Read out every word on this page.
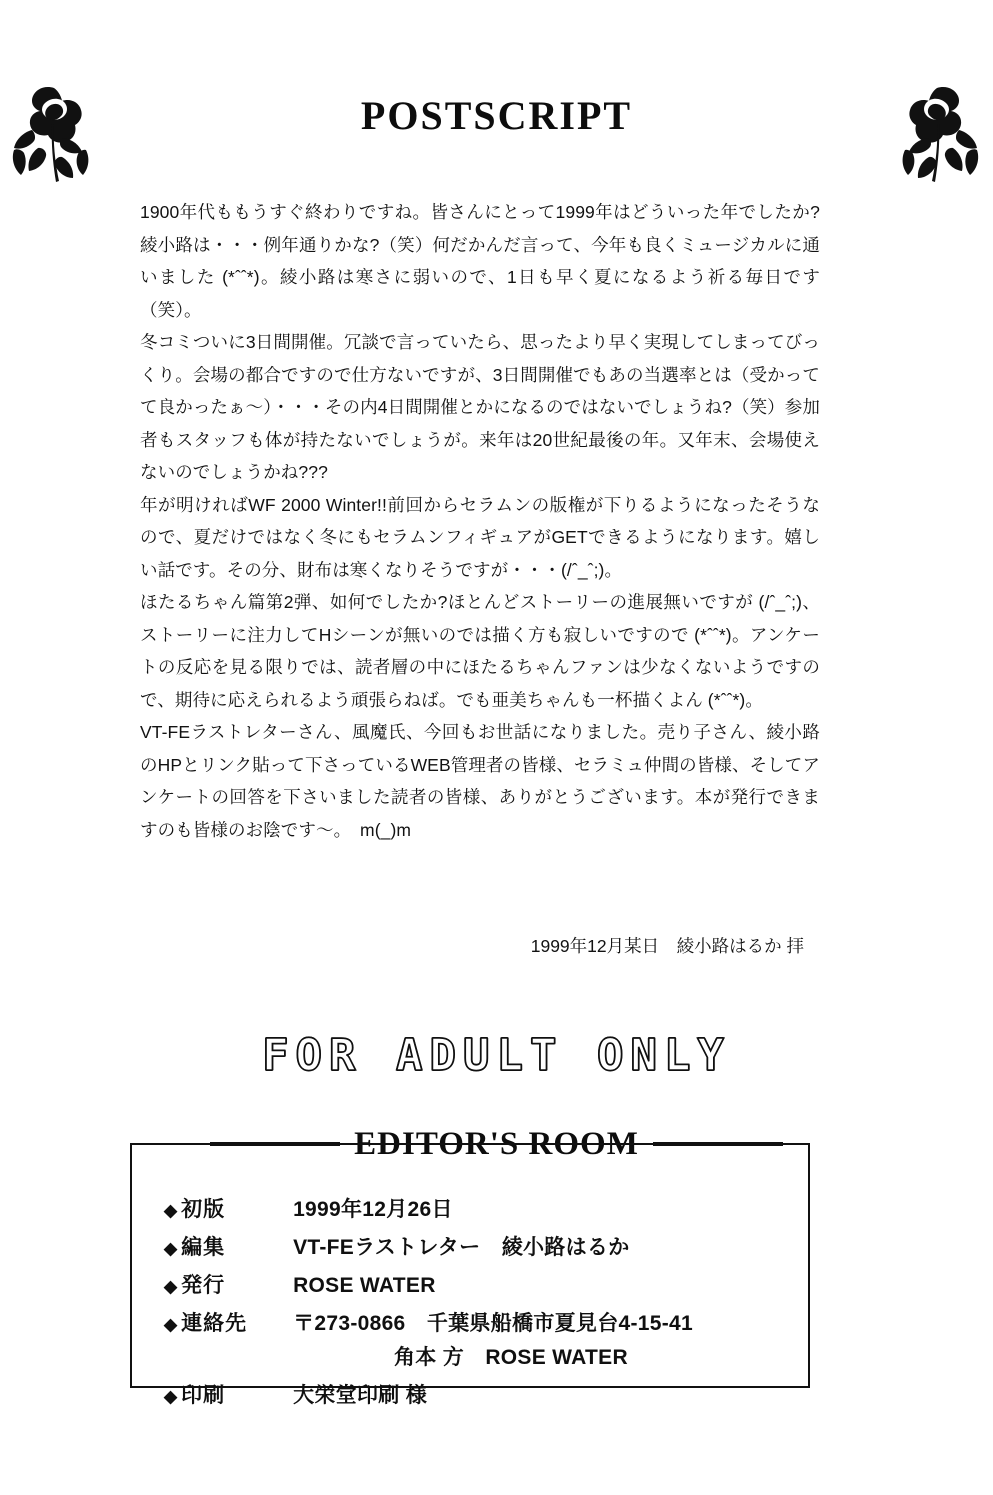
POSTSCRIPT

1900年代ももうすぐ終わりですね。皆さんにとって1999年はどういった年でしたか?綾小路は・・・例年通りかな?（笑）何だかんだ言って、今年も良くミュージカルに通いました (*ˆˆ*)。綾小路は寒さに弱いので、1日も早く夏になるよう祈る毎日です（笑）。

冬コミついに3日間開催。冗談で言っていたら、思ったより早く実現してしまってびっくり。会場の都合ですので仕方ないですが、3日間開催でもあの当選率とは（受かってて良かったぁ〜）・・・その内4日間開催とかになるのではないでしょうね?（笑）参加者もスタッフも体が持たないでしょうが。来年は20世紀最後の年。又年末、会場使えないのでしょうかね???

年が明ければWF 2000 Winter!!前回からセラムンの版権が下りるようになったそうなので、夏だけではなく冬にもセラムンフィギュアがGETできるようになります。嬉しい話です。その分、財布は寒くなりそうですが・・・(/ˆ_ˆ;)。

ほたるちゃん篇第2弾、如何でしたか?ほとんどストーリーの進展無いですが (/ˆ_ˆ;)、ストーリーに注力してHシーンが無いのでは描く方も寂しいですので (*ˆˆ*)。アンケートの反応を見る限りでは、読者層の中にほたるちゃんファンは少なくないようですので、期待に応えられるよう頑張らねば。でも亜美ちゃんも一杯描くよん (*ˆˆ*)。

VT-FEラストレターさん、風魔氏、今回もお世話になりました。売り子さん、綾小路のHPとリンク貼って下さっているWEB管理者の皆様、セラミュ仲間の皆様、そしてアンケートの回答を下さいました読者の皆様、ありがとうございます。本が発行できますのも皆様のお陰です〜。　m(_)m

1999年12月某日　綾小路はるか 拝
FOR ADULT ONLY
EDITOR'S ROOM
◆ 初版	1999年12月26日
◆ 編集	VT-FEラストレター　綾小路はるか
◆ 発行	ROSE WATER
◆ 連絡先	〒273-0866　千葉県船橋市夏見台4-15-41
角本 方　ROSE WATER
◆ 印刷	大栄堂印刷 様
